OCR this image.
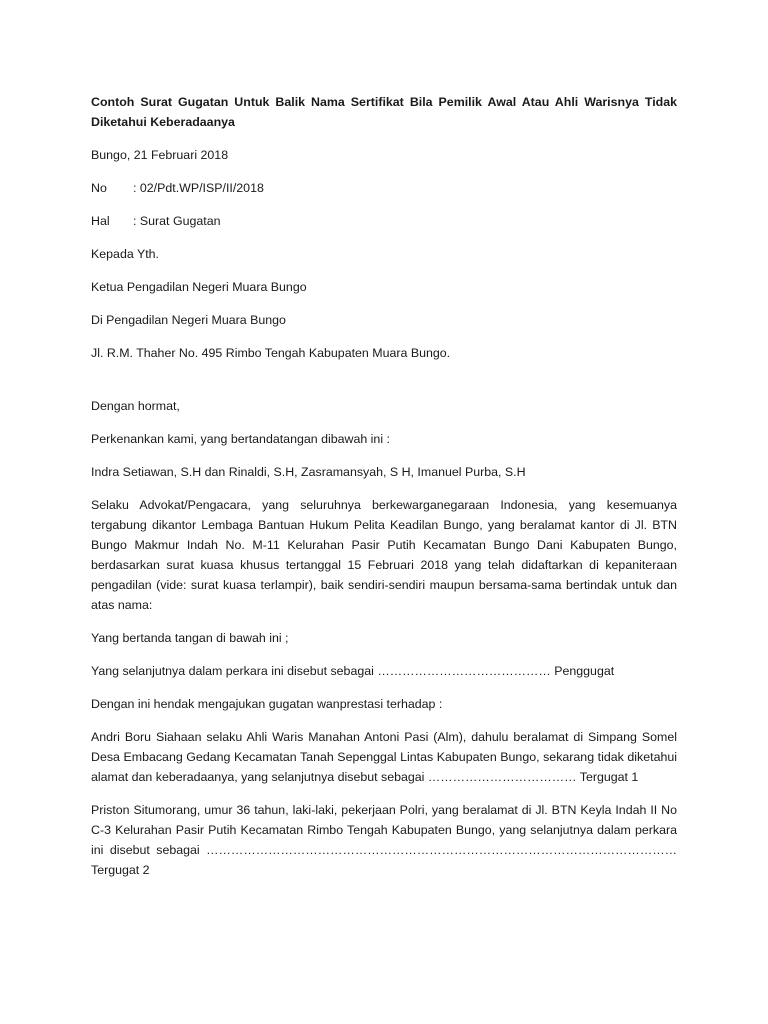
Contoh Surat Gugatan Untuk Balik Nama Sertifikat Bila Pemilik Awal Atau Ahli Warisnya Tidak Diketahui Keberadaanya

Bungo, 21 Februari 2018
No : 02/Pdt.WP/ISP/II/2018
Hal : Surat Gugatan
Kepada Yth.
Ketua Pengadilan Negeri Muara Bungo
Di Pengadilan Negeri Muara Bungo
Jl. R.M. Thaher No. 495 Rimbo Tengah Kabupaten Muara Bungo.
Dengan hormat,
Perkenankan kami, yang bertandatangan dibawah ini :
Indra Setiawan, S.H dan Rinaldi, S.H, Zasramansyah, S H, Imanuel Purba, S.H

Selaku Advokat/Pengacara, yang seluruhnya berkewarganegaraan Indonesia, yang kesemuanya tergabung dikantor Lembaga Bantuan Hukum Pelita Keadilan Bungo, yang beralamat kantor di Jl. BTN Bungo Makmur Indah No. M-11 Kelurahan Pasir Putih Kecamatan Bungo Dani Kabupaten Bungo, berdasarkan surat kuasa khusus tertanggal 15 Februari 2018 yang telah didaftarkan di kepaniteraan pengadilan (vide: surat kuasa terlampir), baik sendiri-sendiri maupun bersama-sama bertindak untuk dan atas nama:

Yang bertanda tangan di bawah ini ;
Yang selanjutnya dalam perkara ini disebut sebagai …………………………………… Penggugat
Dengan ini hendak mengajukan gugatan wanprestasi terhadap :

Andri Boru Siahaan selaku Ahli Waris Manahan Antoni Pasi (Alm), dahulu beralamat di Simpang Somel Desa Embacang Gedang Kecamatan Tanah Sepenggal Lintas Kabupaten Bungo, sekarang tidak diketahui alamat dan keberadaanya, yang selanjutnya disebut sebagai ……………………………… Tergugat 1

Priston Situmorang, umur 36 tahun, laki-laki, pekerjaan Polri, yang beralamat di Jl. BTN Keyla Indah II No C-3 Kelurahan Pasir Putih Kecamatan Rimbo Tengah Kabupaten Bungo, yang selanjutnya dalam perkara ini disebut sebagai …………………………………………………………………………………………………… Tergugat 2
